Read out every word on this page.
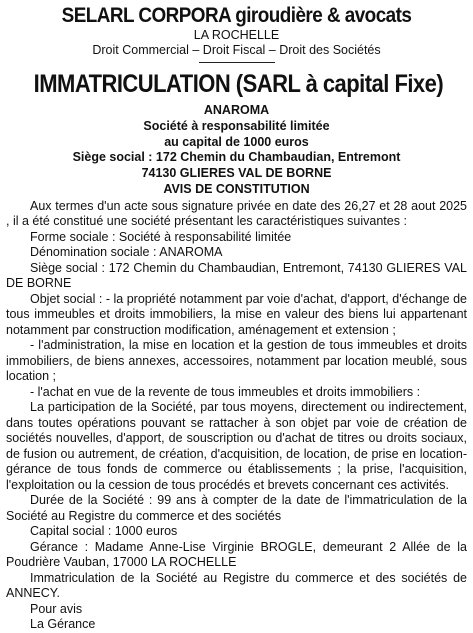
SELARL CORPORA giroudière & avocats
LA ROCHELLE
Droit Commercial – Droit Fiscal – Droit des Sociétés
IMMATRICULATION (SARL à capital Fixe)
ANAROMA
Société à responsabilité limitée
au capital de 1000 euros
Siège social : 172 Chemin du Chambaudian, Entremont
74130 GLIERES VAL DE BORNE
AVIS DE CONSTITUTION

Aux termes d'un acte sous signature privée en date des 26,27 et 28 aout 2025 , il a été constitué une société présentant les caractéristiques suivantes :

Forme sociale : Société à responsabilité limitée

Dénomination sociale : ANAROMA

Siège social : 172 Chemin du Chambaudian, Entremont, 74130 GLIERES VAL DE BORNE

Objet social : - la propriété notamment par voie d'achat, d'apport, d'échange de tous immeubles et droits immobiliers, la mise en valeur des biens lui appartenant notamment par construction modification, aménagement et extension ;

- l'administration, la mise en location et la gestion de tous immeubles et droits immobiliers, de biens annexes, accessoires, notamment par location meublé, sous location ;

- l'achat en vue de la revente de tous immeubles et droits immobiliers :

La participation de la Société, par tous moyens, directement ou indirectement, dans toutes opérations pouvant se rattacher à son objet par voie de création de sociétés nouvelles, d'apport, de souscription ou d'achat de titres ou droits sociaux, de fusion ou autrement, de création, d'acquisition, de location, de prise en location-gérance de tous fonds de commerce ou établissements ; la prise, l'acquisition, l'exploitation ou la cession de tous procédés et brevets concernant ces activités.

Durée de la Société : 99 ans à compter de la date de l'immatriculation de la Société au Registre du commerce et des sociétés

Capital social : 1000 euros

Gérance : Madame Anne-Lise Virginie BROGLE, demeurant 2 Allée de la Poudrière Vauban, 17000 LA ROCHELLE

Immatriculation de la Société au Registre du commerce et des sociétés de ANNECY.

Pour avis

La Gérance
